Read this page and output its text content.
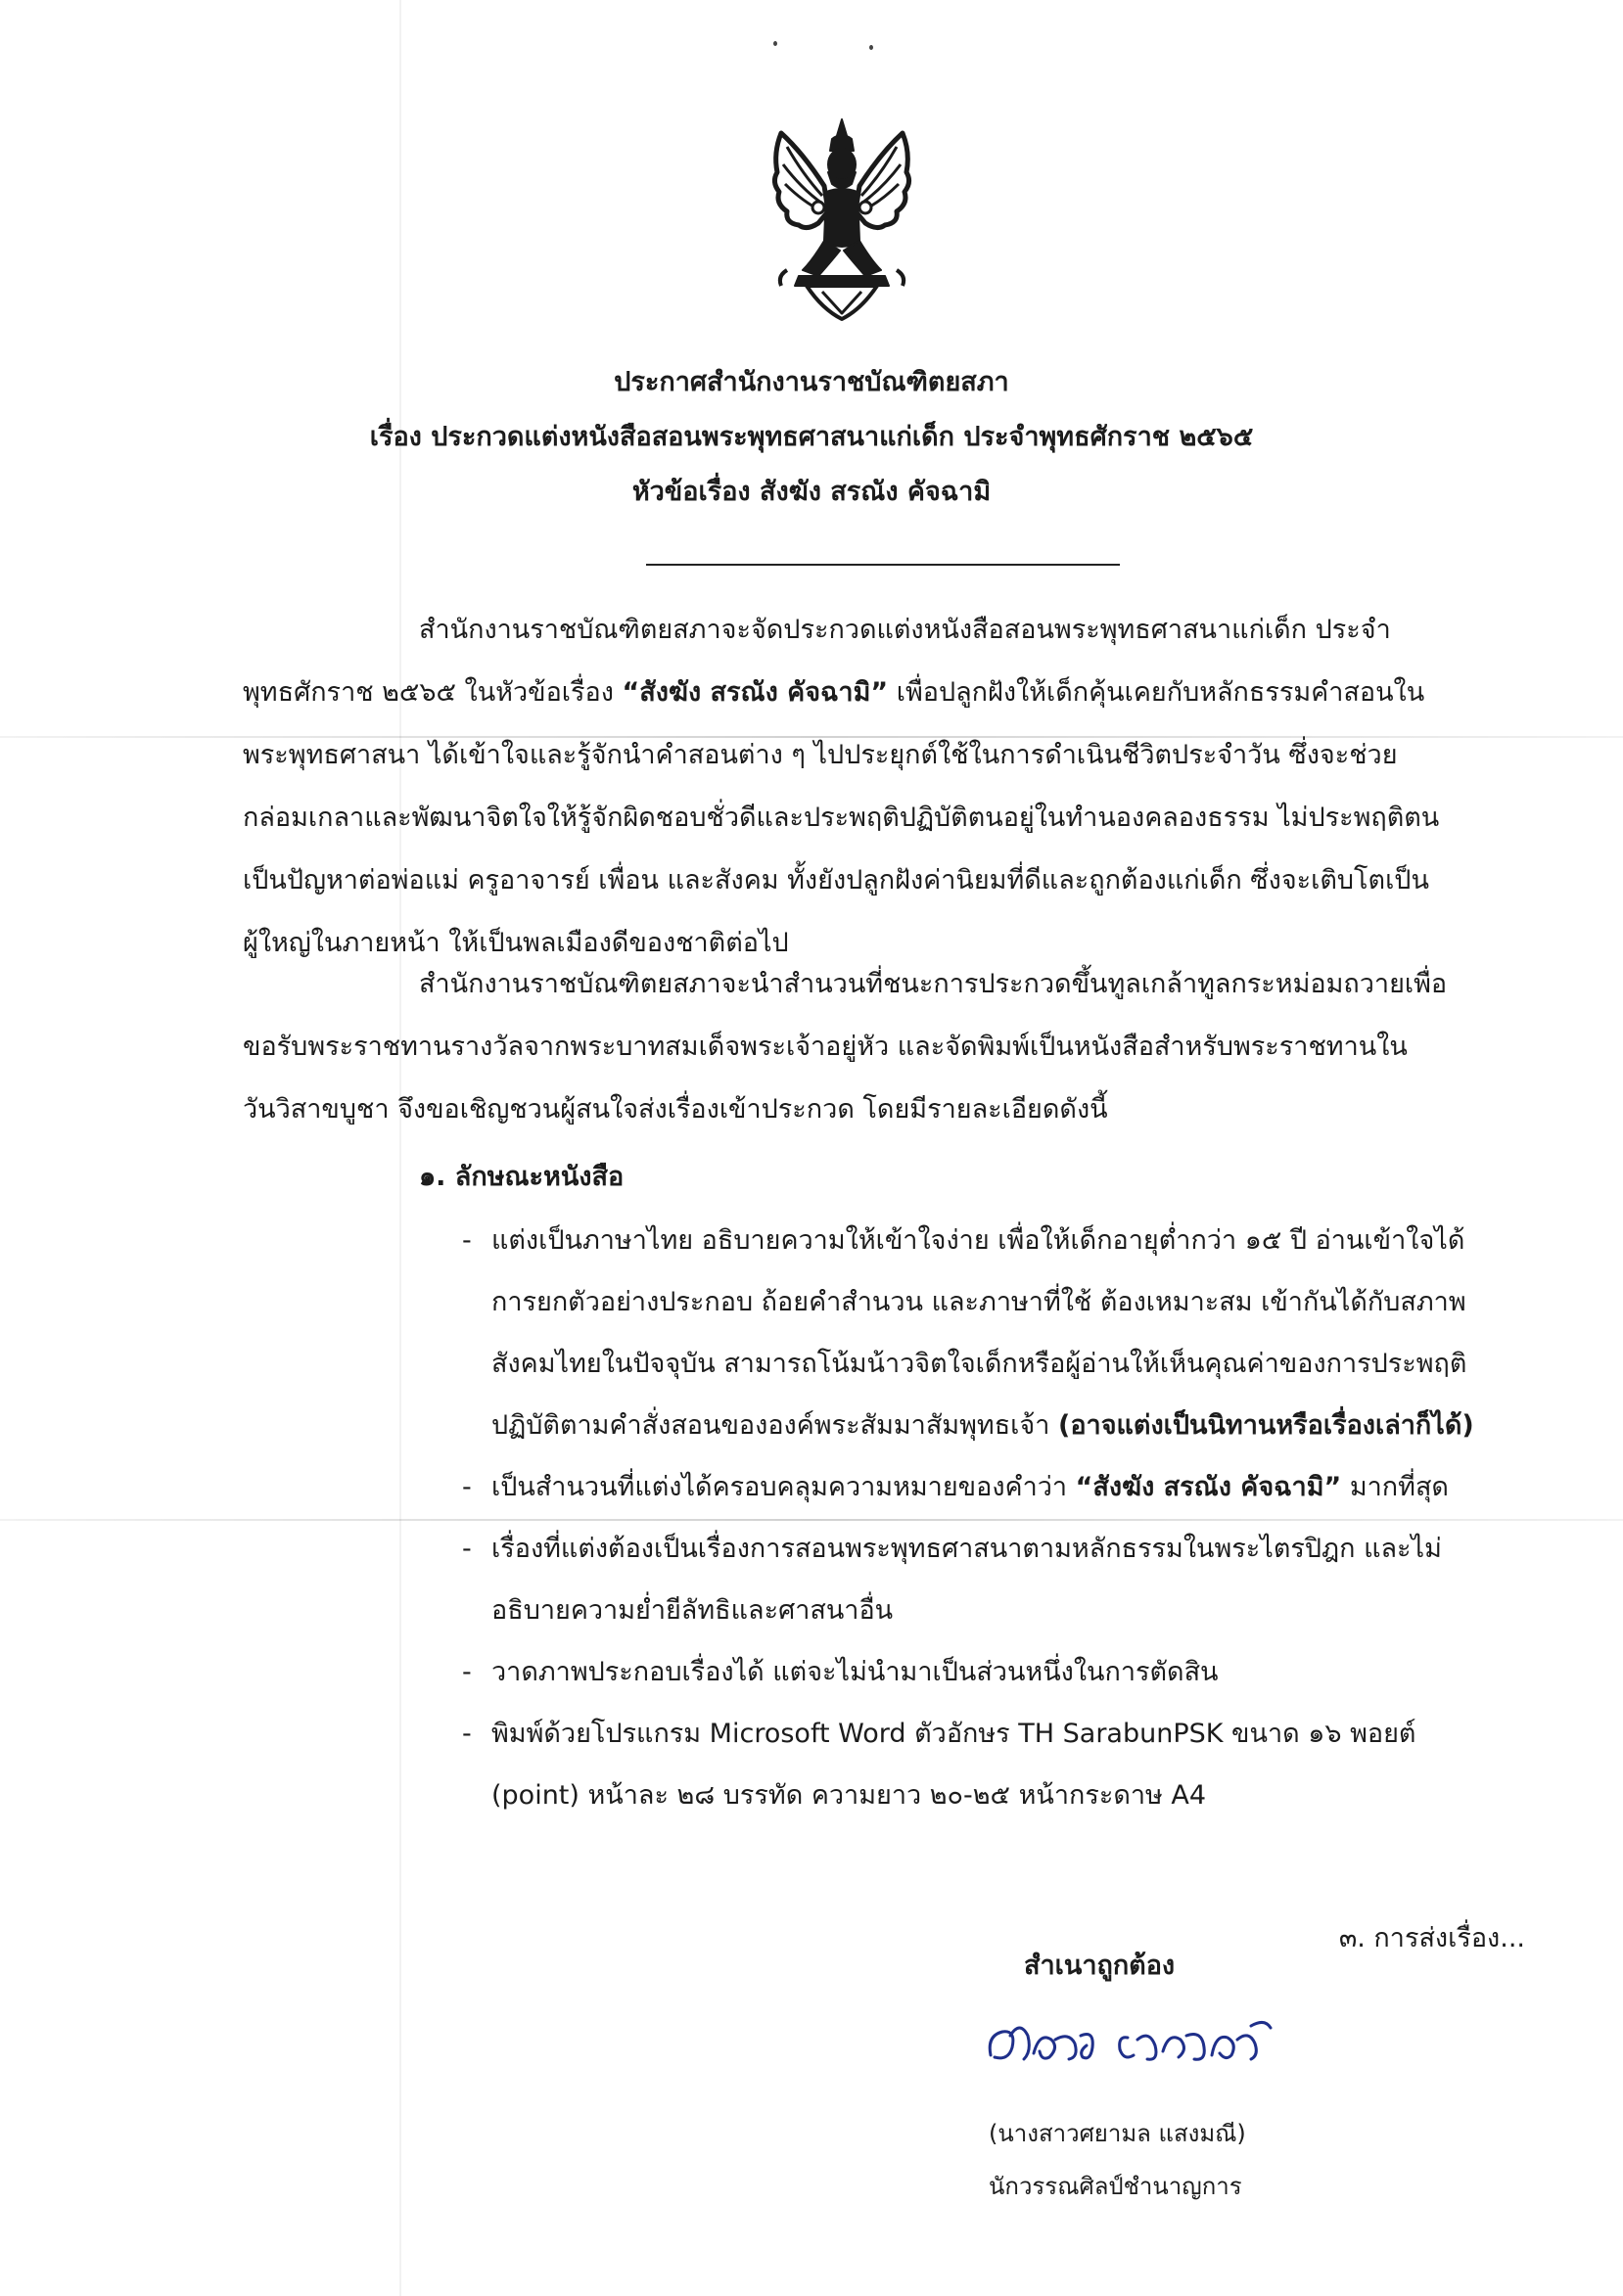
ประกาศสำนักงานราชบัณฑิตยสภา
เรื่อง ประกวดแต่งหนังสือสอนพระพุทธศาสนาแก่เด็ก ประจำพุทธศักราช ๒๕๖๕
หัวข้อเรื่อง สังฆัง สรณัง คัจฉามิ
สำนักงานราชบัณฑิตยสภาจะจัดประกวดแต่งหนังสือสอนพระพุทธศาสนาแก่เด็ก ประจำ
พุทธศักราช ๒๕๖๕ ในหัวข้อเรื่อง “สังฆัง สรณัง คัจฉามิ” เพื่อปลูกฝังให้เด็กคุ้นเคยกับหลักธรรมคำสอนใน
พระพุทธศาสนา ได้เข้าใจและรู้จักนำคำสอนต่าง ๆ ไปประยุกต์ใช้ในการดำเนินชีวิตประจำวัน ซึ่งจะช่วย
กล่อมเกลาและพัฒนาจิตใจให้รู้จักผิดชอบชั่วดีและประพฤติปฏิบัติตนอยู่ในทำนองคลองธรรม ไม่ประพฤติตน
เป็นปัญหาต่อพ่อแม่ ครูอาจารย์ เพื่อน และสังคม ทั้งยังปลูกฝังค่านิยมที่ดีและถูกต้องแก่เด็ก ซึ่งจะเติบโตเป็น
ผู้ใหญ่ในภายหน้า ให้เป็นพลเมืองดีของชาติต่อไป
สำนักงานราชบัณฑิตยสภาจะนำสำนวนที่ชนะการประกวดขึ้นทูลเกล้าทูลกระหม่อมถวายเพื่อ
ขอรับพระราชทานรางวัลจากพระบาทสมเด็จพระเจ้าอยู่หัว และจัดพิมพ์เป็นหนังสือสำหรับพระราชทานใน
วันวิสาขบูชา จึงขอเชิญชวนผู้สนใจส่งเรื่องเข้าประกวด โดยมีรายละเอียดดังนี้
๑. ลักษณะหนังสือ
- แต่งเป็นภาษาไทย อธิบายความให้เข้าใจง่าย เพื่อให้เด็กอายุต่ำกว่า ๑๕ ปี อ่านเข้าใจได้
การยกตัวอย่างประกอบ ถ้อยคำสำนวน และภาษาที่ใช้ ต้องเหมาะสม เข้ากันได้กับสภาพ
สังคมไทยในปัจจุบัน สามารถโน้มน้าวจิตใจเด็กหรือผู้อ่านให้เห็นคุณค่าของการประพฤติ
ปฏิบัติตามคำสั่งสอนขององค์พระสัมมาสัมพุทธเจ้า (อาจแต่งเป็นนิทานหรือเรื่องเล่าก็ได้)
- เป็นสำนวนที่แต่งได้ครอบคลุมความหมายของคำว่า “สังฆัง สรณัง คัจฉามิ” มากที่สุด
- เรื่องที่แต่งต้องเป็นเรื่องการสอนพระพุทธศาสนาตามหลักธรรมในพระไตรปิฎก และไม่
อธิบายความย่ำยีลัทธิและศาสนาอื่น
- วาดภาพประกอบเรื่องได้ แต่จะไม่นำมาเป็นส่วนหนึ่งในการตัดสิน
- พิมพ์ด้วยโปรแกรม Microsoft Word ตัวอักษร TH SarabunPSK ขนาด ๑๖ พอยต์
(point) หน้าละ ๒๘ บรรทัด ความยาว ๒๐-๒๕ หน้ากระดาษ A4
๓. การส่งเรื่อง...
สำเนาถูกต้อง
(นางสาวศยามล แสงมณี)
นักวรรณศิลป์ชำนาญการ
